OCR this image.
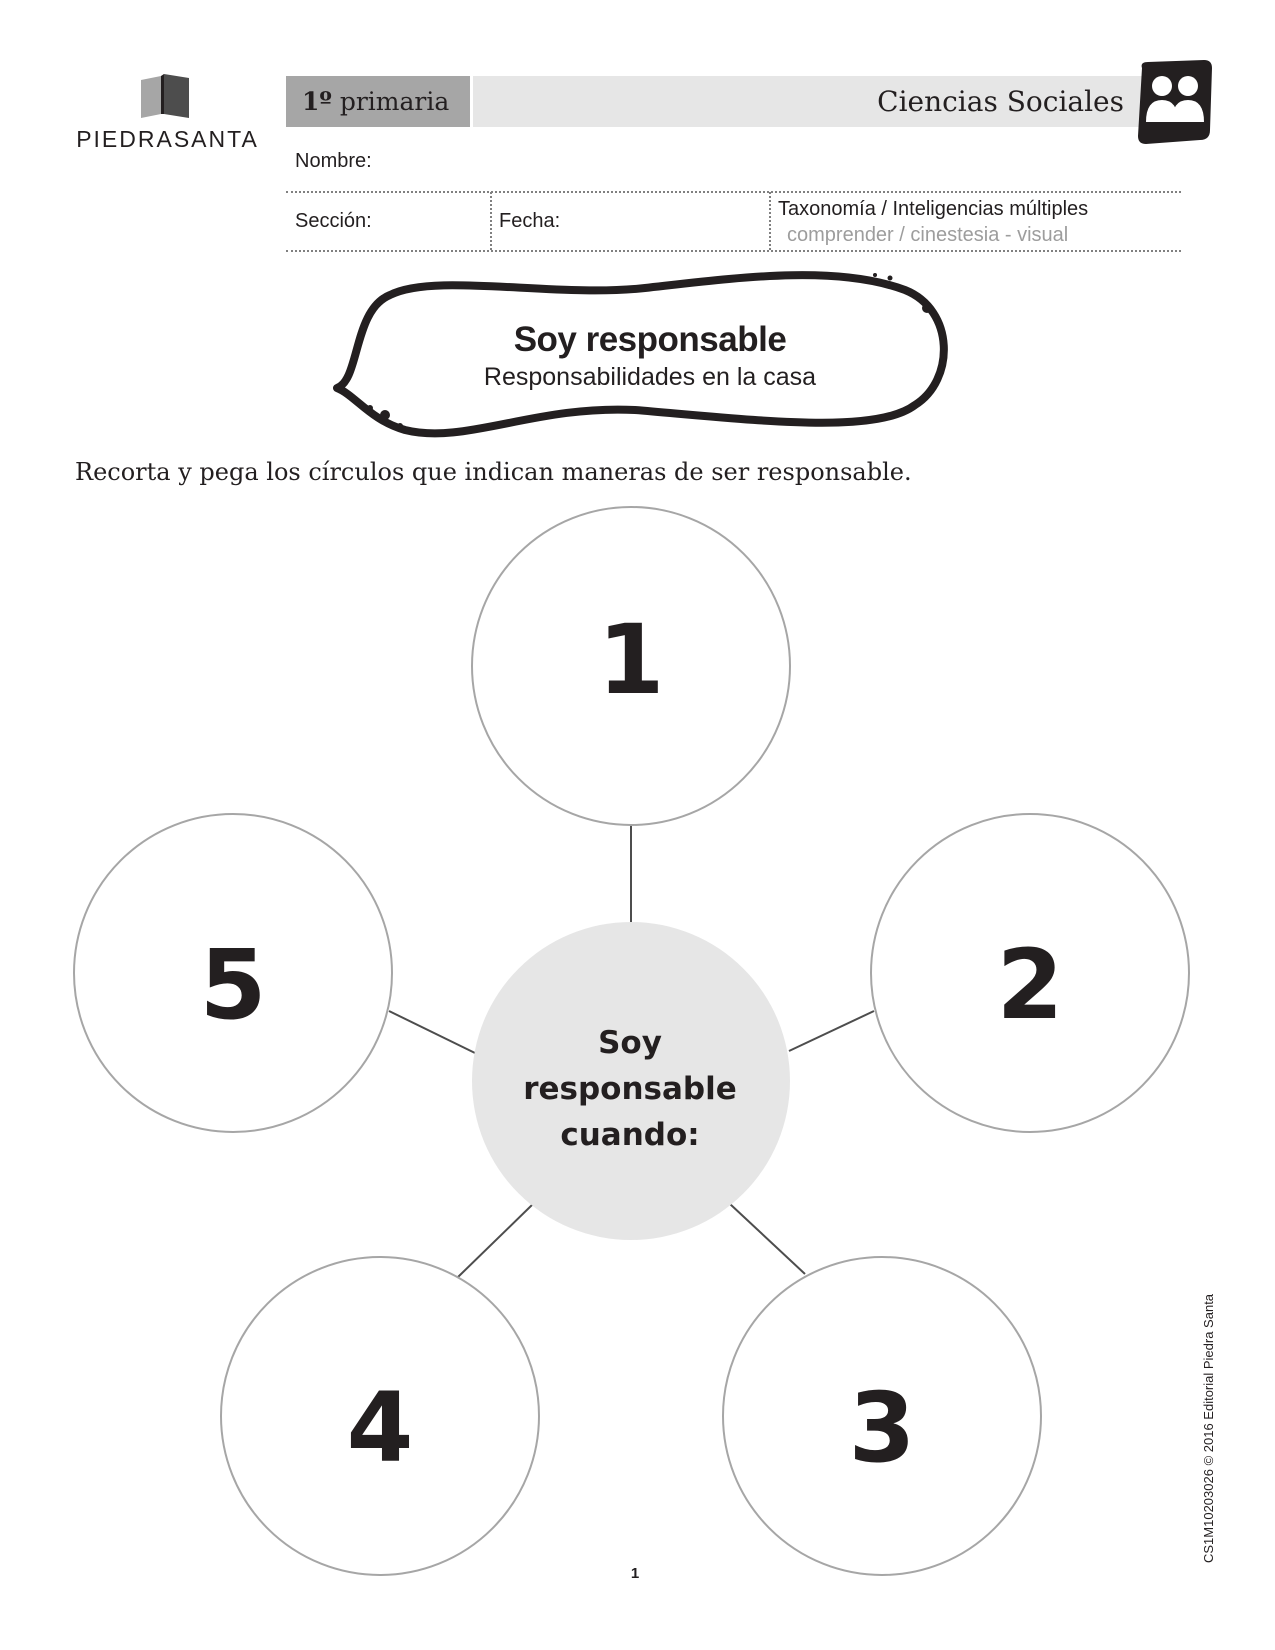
PIEDRASANTA
1º primaria	Ciencias Sociales
Nombre:
Sección:	Fecha:
Taxonomía / Inteligencias múltiples
comprender / cinestesia - visual
Soy responsable
Responsabilidades en la casa
Recorta y pega los círculos que indican maneras de ser responsable.
1
2
3
4
5
Soy
responsable
cuando:
1
CS1M10203026 © 2016 Editorial Piedra Santa
